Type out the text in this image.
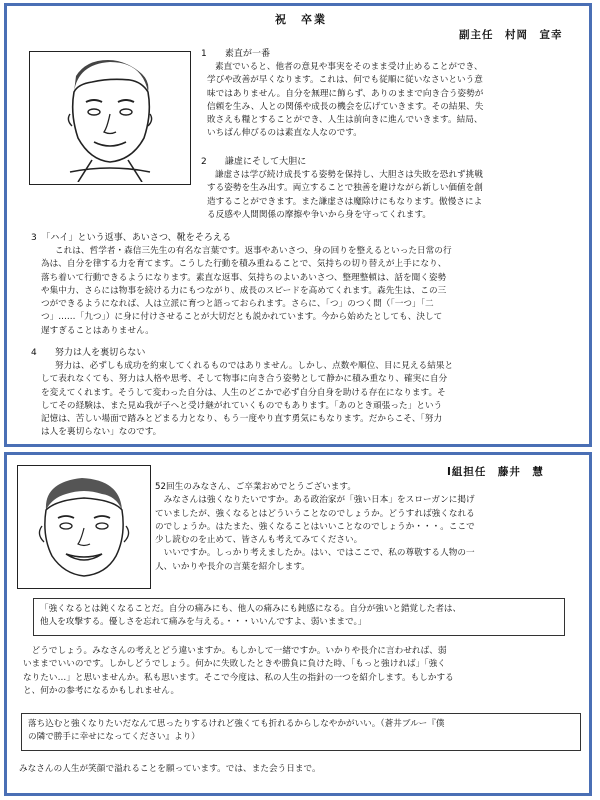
祝　卒業
副主任　村岡　宣幸
1　　素直が一番
素直でいると、他者の意見や事実をそのまま受け止めることができ、
学びや改善が早くなります。これは、何でも従順に従いなさいという意
味ではありません。自分を無理に飾らず、ありのままで向き合う姿勢が
信頼を生み、人との関係や成長の機会を広げていきます。その結果、失
敗さえも糧とすることができ、人生は前向きに進んでいきます。結局、
いちばん伸びるのは素直な人なのです。
2　　謙虚にそして大胆に
謙虚さは学び続け成長する姿勢を保持し、大胆さは失敗を恐れず挑戦
する姿勢を生み出す。両立することで独善を避けながら新しい価値を創
造することができます。また謙虚さは魔除けにもなります。傲慢さによ
る反感や人間関係の摩擦や争いから身を守ってくれます。
3　「ハイ」という返事、あいさつ、靴をそろえる
これは、哲学者・森信三先生の有名な言葉です。返事やあいさつ、身の回りを整えるといった日常の行
為は、自分を律する力を育てます。こうした行動を積み重ねることで、気持ちの切り替えが上手になり、
落ち着いて行動できるようになります。素直な返事、気持ちのよいあいさつ、整理整頓は、話を聞く姿勢
や集中力、さらには物事を続ける力にもつながり、成長のスピードを高めてくれます。森先生は、この三
つができるようになれば、人は立派に育つと語っておられます。さらに、「つ」のつく間（「一つ」「二
つ」……「九つ」）に身に付けさせることが大切だとも説かれています。今から始めたとしても、決して
遅すぎることはありません。
4　　努力は人を裏切らない
努力は、必ずしも成功を約束してくれるものではありません。しかし、点数や順位、目に見える結果と
して表れなくても、努力は人格や思考、そして物事に向き合う姿勢として静かに積み重なり、確実に自分
を変えてくれます。そうして変わった自分は、人生のどこかで必ず自分自身を助ける存在になります。そ
してその経験は、また見ぬ我が子へと受け継がれていくものでもあります。「あのとき頑張った」という
記憶は、苦しい場面で踏みとどまる力となり、もう一度やり直す勇気にもなります。だからこそ、「努力
は人を裏切らない」なのです。
Ⅰ組担任　藤井　慧
52回生のみなさん、ご卒業おめでとうございます。
　みなさんは強くなりたいですか。ある政治家が「強い日本」をスローガンに掲げ
ていましたが、強くなるとはどういうことなのでしょうか。どうすれば強くなれる
のでしょうか。はたまた、強くなることはいいことなのでしょうか・・・。ここで
少し読むのを止めて、皆さんも考えてみてください。
　いいですか。しっかり考えましたか。はい、ではここで、私の尊敬する人物の一
人、いかりや長介の言葉を紹介します。
「強くなるとは鈍くなることだ。自分の痛みにも、他人の痛みにも鈍感になる。自分が強いと錯覚した者は、
他人を攻撃する。優しさを忘れて痛みを与える。・・・いいんですよ、弱いままで。」
　どうでしょう。みなさんの考えとどう違いますか。もしかして一緒ですか。いかりや長介に言わせれば、弱
いままでいいのです。しかしどうでしょう。何かに失敗したときや勝負に負けた時、「もっと強ければ」「強く
なりたい…」と思いませんか。私も思います。そこで今度は、私の人生の指針の一つを紹介します。もしかする
と、何かの参考になるかもしれません。
落ち込むと強くなりたいだなんて思ったりするけれど強くても折れるからしなやかがいい。（蒼井ブルー『僕
の隣で勝手に幸せになってください』より）
みなさんの人生が笑顔で溢れることを願っています。では、また会う日まで。
